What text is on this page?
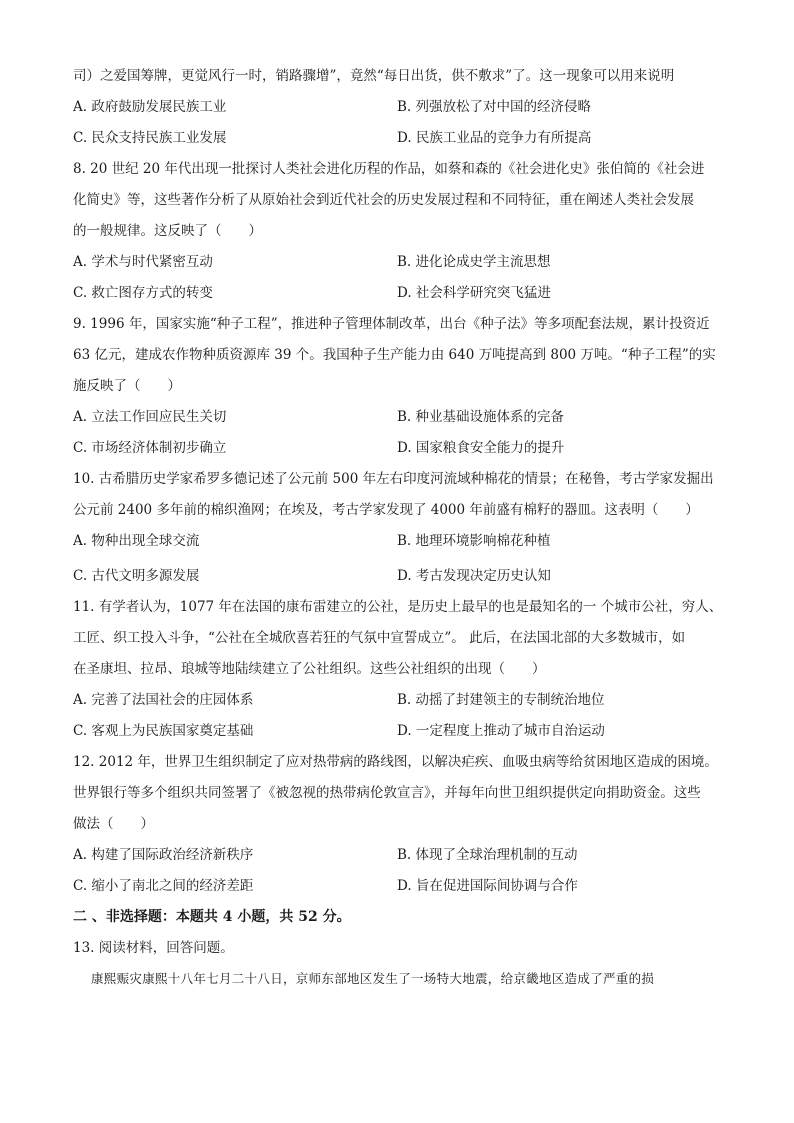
司）之爱国筹牌，更觉风行一时，销路骤增”，竟然“每日出货，供不敷求”了。这一现象可以用来说明
A. 政府鼓励发展民族工业	B. 列强放松了对中国的经济侵略
C. 民众支持民族工业发展	D. 民族工业品的竞争力有所提高
8. 20 世纪 20 年代出现一批探讨人类社会进化历程的作品，如蔡和森的《社会进化史》张伯简的《社会进
化简史》等，这些著作分析了从原始社会到近代社会的历史发展过程和不同特征，重在阐述人类社会发展
的一般规律。这反映了（　　）
A. 学术与时代紧密互动	B. 进化论成史学主流思想
C. 救亡图存方式的转变	D. 社会科学研究突飞猛进
9. 1996 年，国家实施“种子工程”，推进种子管理体制改革，出台《种子法》等多项配套法规，累计投资近
63 亿元，建成农作物种质资源库 39 个。我国种子生产能力由 640 万吨提高到 800 万吨。“种子工程”的实
施反映了（　　）
A. 立法工作回应民生关切	B. 种业基础设施体系的完备
C. 市场经济体制初步确立	D. 国家粮食安全能力的提升
10. 古希腊历史学家希罗多德记述了公元前 500 年左右印度河流域种棉花的情景；在秘鲁，考古学家发掘出
公元前 2400 多年前的棉织渔网；在埃及，考古学家发现了 4000 年前盛有棉籽的器皿。这表明（　　）
A. 物种出现全球交流	B. 地理环境影响棉花种植
C. 古代文明多源发展	D. 考古发现决定历史认知
11. 有学者认为，1077 年在法国的康布雷建立的公社，是历史上最早的也是最知名的一 个城市公社，穷人、
工匠、织工投入斗争，“公社在全城欣喜若狂的气氛中宣誓成立”。 此后，在法国北部的大多数城市，如
在圣康坦、拉昂、琅城等地陆续建立了公社组织。这些公社组织的出现（　　）
A. 完善了法国社会的庄园体系	B. 动摇了封建领主的专制统治地位
C. 客观上为民族国家奠定基础	D. 一定程度上推动了城市自治运动
12. 2012 年，世界卫生组织制定了应对热带病的路线图，以解决疟疾、血吸虫病等给贫困地区造成的困境。
世界银行等多个组织共同签署了《被忽视的热带病伦敦宣言》，并每年向世卫组织提供定向捐助资金。这些
做法（　　）
A. 构建了国际政治经济新秩序	B. 体现了全球治理机制的互动
C. 缩小了南北之间的经济差距	D. 旨在促进国际间协调与合作
二 、非选择题：本题共 4 小题，共 52 分。
13. 阅读材料，回答问题。
康熙赈灾康熙十八年七月二十八日，京师东部地区发生了一场特大地震，给京畿地区造成了严重的损
